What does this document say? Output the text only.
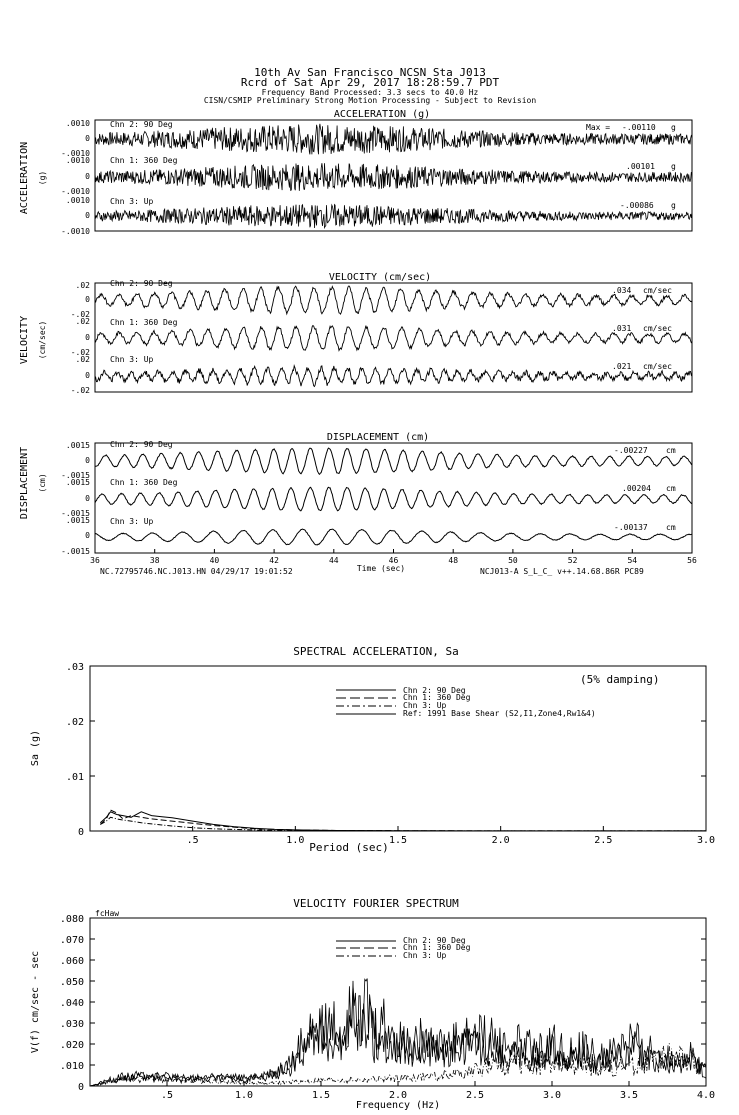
10th Av San Francisco NCSN Sta J013
Rcrd of Sat Apr 29, 2017 18:28:59.7 PDT
Frequency Band Processed: 3.3 secs to 40.0 Hz
CISN/CSMIP Preliminary Strong Motion Processing - Subject to Revision
ACCELERATION (g)
ACCELERATION (g)
.0010
0
-.0010
Chn 2: 90 Deg	Max = -.00110 g
.0010
0
-.0010
Chn 1: 360 Deg
.00101 g
.0010
0
-.0010
Chn 3: Up	-.00086 g
VELOCITY (cm/sec)
VELOCITY (cm/sec)
.02
0
-.02
Chn 2: 90 Deg
.034 cm/sec
.02
0
-.02
Chn 1: 360 Deg
.031 cm/sec
.02
0
-.02
Chn 3: Up
.021 cm/sec
DISPLACEMENT (cm)
DISPLACEMENT (cm)
.0015
0
-.0015
Chn 2: 90 Deg
-.00227 cm
.0015
0
-.0015
Chn 1: 360 Deg
.00204 cm
.0015
0
-.0015
Chn 3: Up
-.00137 cm
36	38	40	42	44	46	48	50	52	54	56
Time (sec)
NC.72795746.NC.J013.HN 04/29/17 19:01:52	NCJ013-A S_L_C_ v++.14.68.86R PC89
SPECTRAL ACCELERATION, Sa
Sa (g)
Period (sec)
(5% damping)
.5	1.0	1.5	2.0	2.5	3.0
0
.01
.02
.03
Chn 2: 90 Deg
Chn 1: 360 Deg
Chn 3: Up
Ref: 1991 Base Shear (S2,I1,Zone4,Rw1&4)
VELOCITY FOURIER SPECTRUM
fcHaw
V(f) cm/sec - sec
Frequency (Hz)
.5	1.0	1.5	2.0	2.5	3.0	3.5	4.0
0
.010
.020
.030
.040
.050
.060
.070
.080
Chn 2: 90 Deg
Chn 1: 360 Deg
Chn 3: Up
